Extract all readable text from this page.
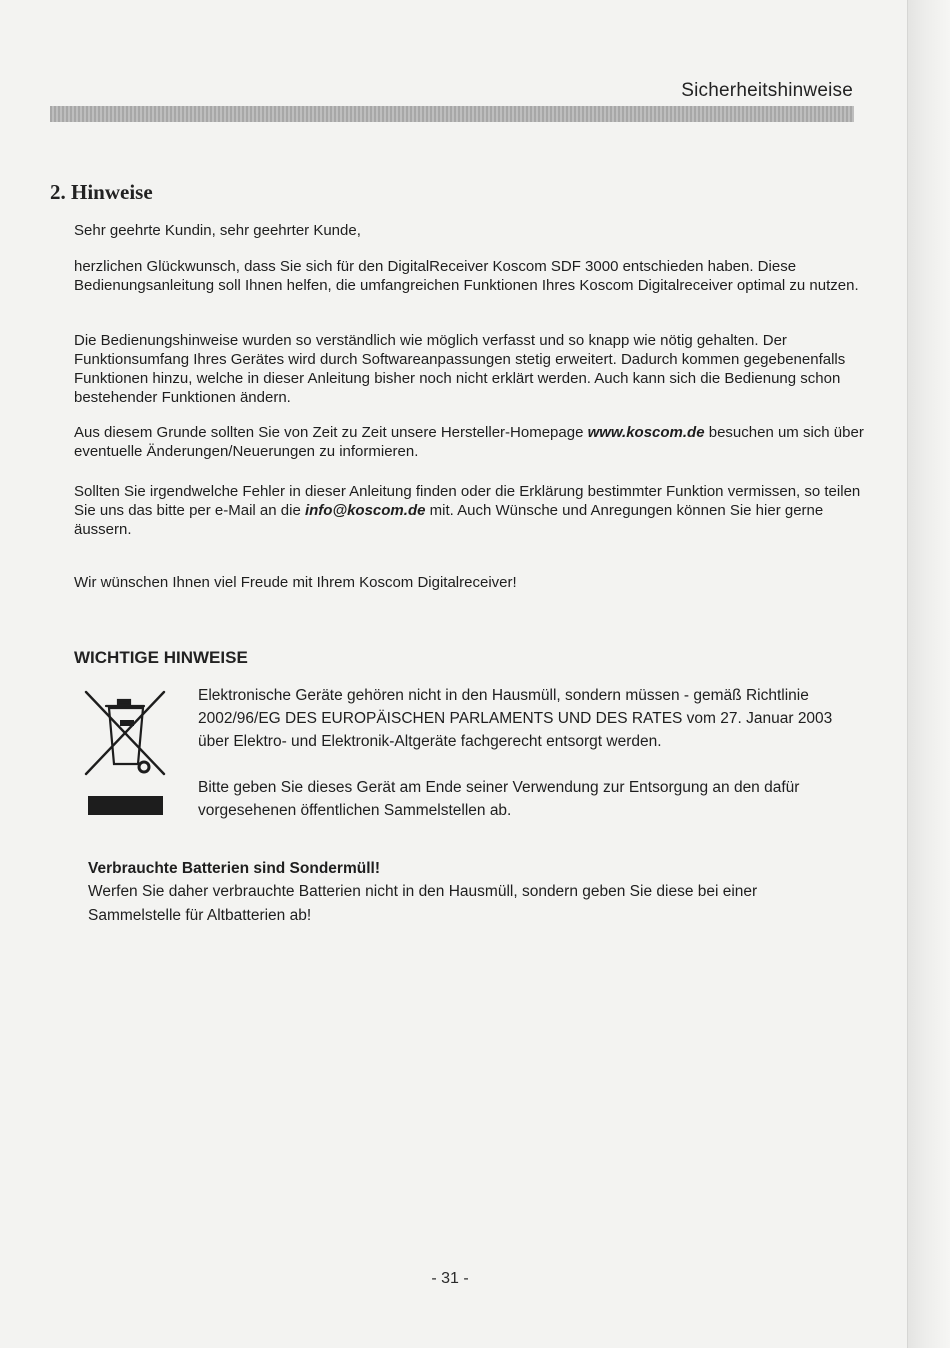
Sicherheitshinweise
2. Hinweise
Sehr geehrte Kundin, sehr geehrter Kunde,
herzlichen Glückwunsch, dass Sie sich für den DigitalReceiver Koscom SDF 3000 entschieden haben. Diese Bedienungsanleitung soll Ihnen helfen, die umfangreichen Funktionen Ihres Koscom Digitalreceiver optimal zu nutzen.
Die Bedienungshinweise wurden so verständlich wie möglich verfasst und so knapp wie nötig gehalten. Der Funktionsumfang Ihres Gerätes wird durch Softwareanpassungen stetig erweitert. Dadurch kommen gegebenenfalls Funktionen hinzu, welche in dieser Anleitung bisher noch nicht erklärt werden. Auch kann sich die Bedienung schon bestehender Funktionen ändern.
Aus diesem Grunde sollten Sie von Zeit zu Zeit unsere Hersteller-Homepage www.koscom.de besuchen um sich über eventuelle Änderungen/Neuerungen zu informieren.
Sollten Sie irgendwelche Fehler in dieser Anleitung finden oder die Erklärung bestimmter Funktion vermissen, so teilen Sie uns das bitte per e-Mail an die info@koscom.de mit. Auch Wünsche und Anregungen können Sie hier gerne äussern.
Wir wünschen Ihnen viel Freude mit Ihrem Koscom Digitalreceiver!
WICHTIGE HINWEISE
Elektronische Geräte gehören nicht in den Hausmüll, sondern müssen - gemäß Richtlinie 2002/96/EG DES EUROPÄISCHEN PARLAMENTS UND DES RATES vom 27. Januar 2003 über Elektro- und Elektronik-Altgeräte fachgerecht entsorgt werden.
Bitte geben Sie dieses Gerät am Ende seiner Verwendung zur Entsorgung an den dafür vorgesehenen öffentlichen Sammelstellen ab.
Verbrauchte Batterien sind Sondermüll!
Werfen Sie daher verbrauchte Batterien nicht in den Hausmüll, sondern geben Sie diese bei einer Sammelstelle für Altbatterien ab!
- 31 -
